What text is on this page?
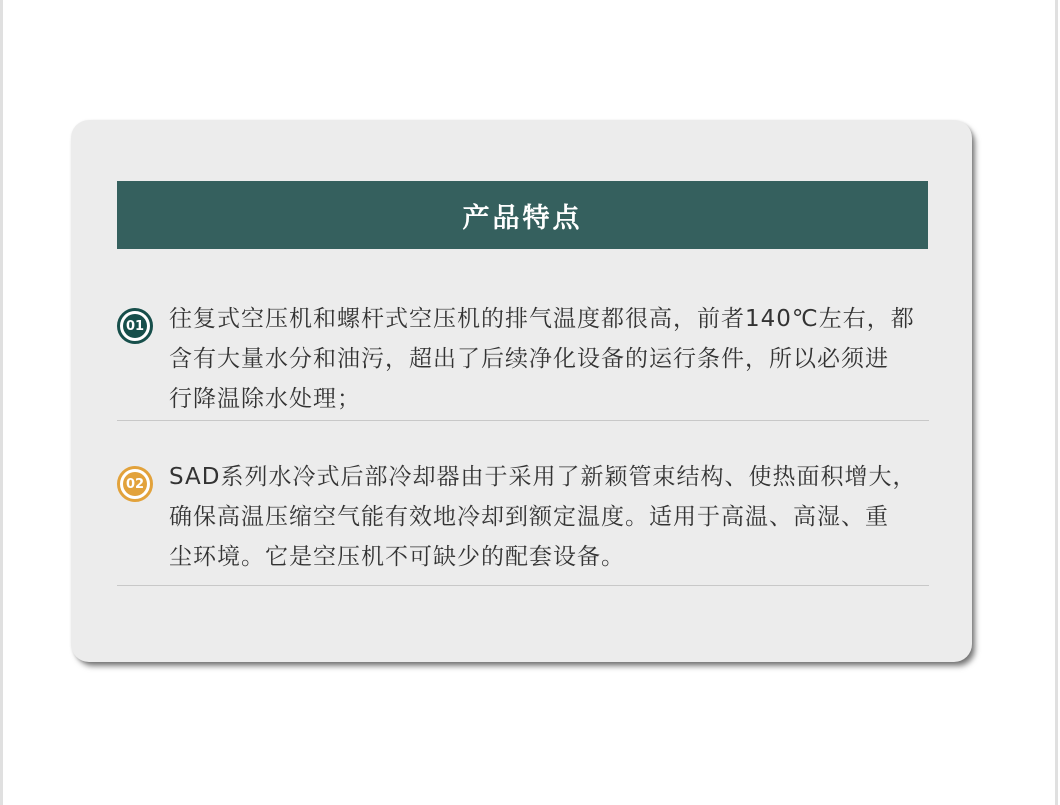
产品特点
01 往复式空压机和螺杆式空压机的排气温度都很高，前者140℃左右，都
含有大量水分和油污，超出了后续净化设备的运行条件，所以必须进
行降温除水处理；
02 SAD系列水冷式后部冷却器由于采用了新颖管束结构、使热面积增大，
确保高温压缩空气能有效地冷却到额定温度。适用于高温、高湿、重
尘环境。它是空压机不可缺少的配套设备。
